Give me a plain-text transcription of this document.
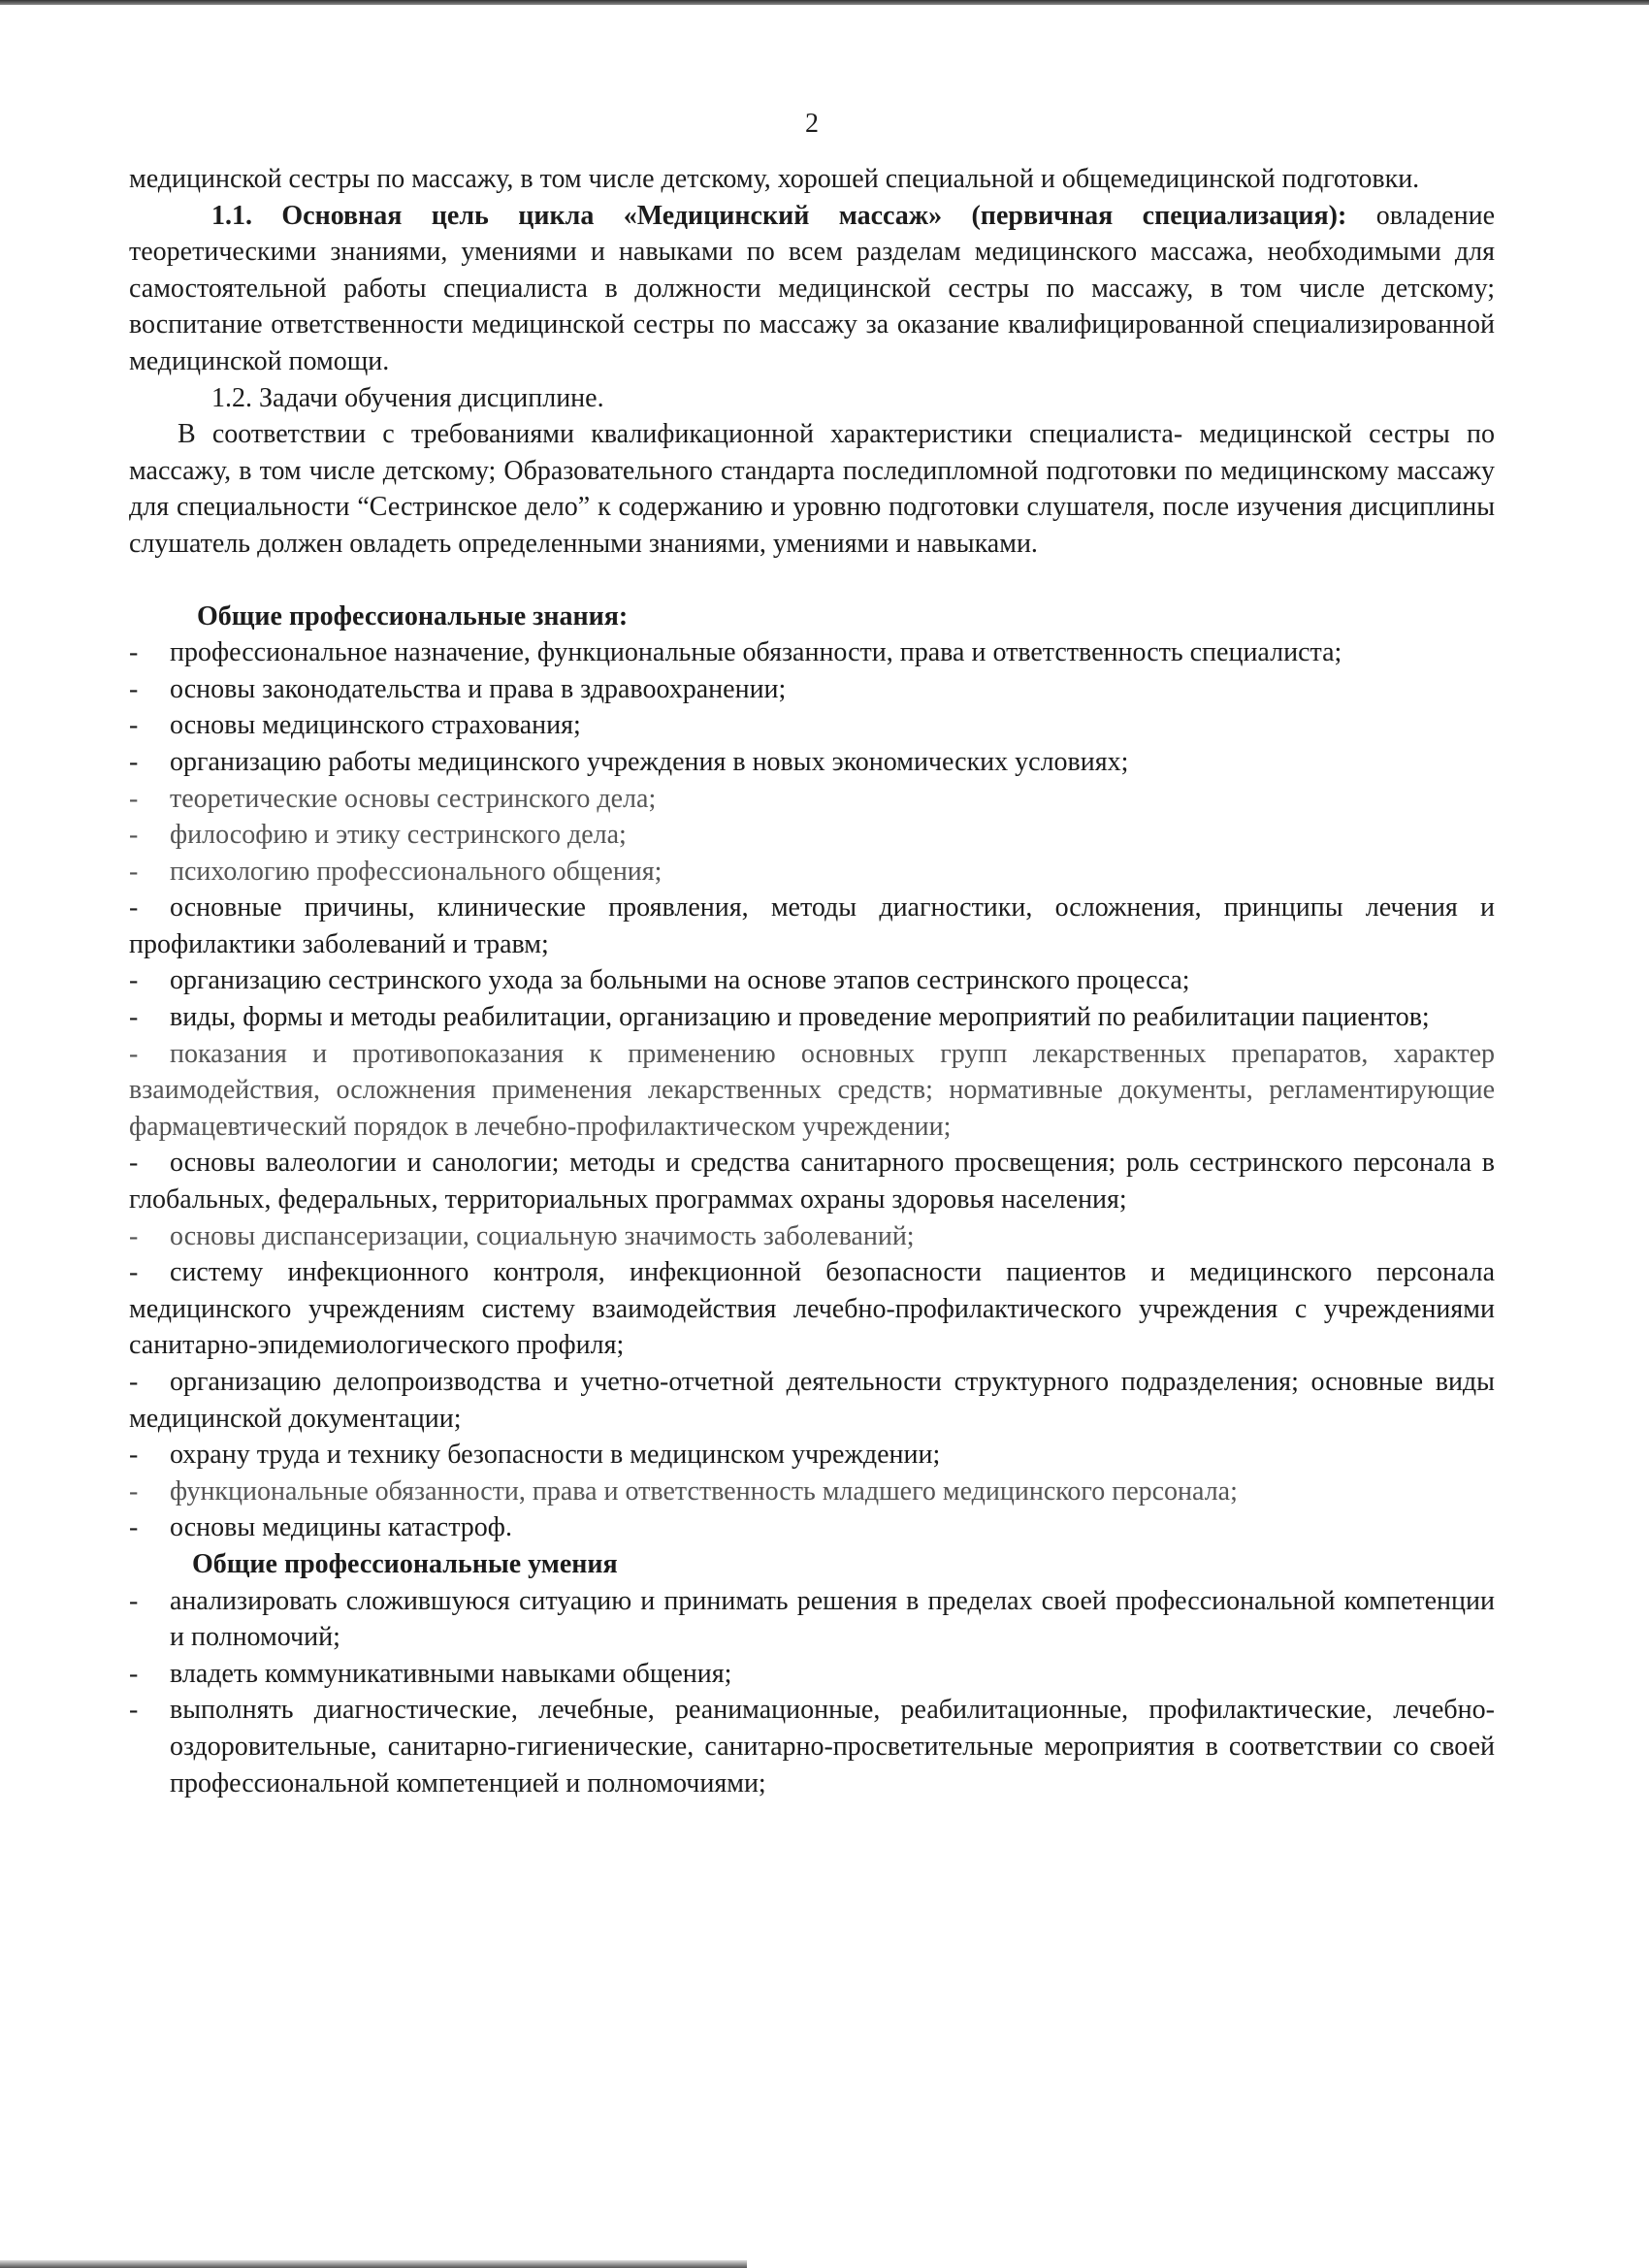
2

медицинской сестры по массажу, в том числе детскому, хорошей специальной и общемедицинской подготовки.

1.1. Основная цель цикла «Медицинский массаж» (первичная специализация): овладение теоретическими знаниями, умениями и навыками по всем разделам медицинского массажа, необходимыми для самостоятельной работы специалиста в должности медицинской сестры по массажу, в том числе детскому; воспитание ответственности медицинской сестры по массажу за оказание квалифицированной специализированной медицинской помощи.

1.2. Задачи обучения дисциплине.

В соответствии с требованиями квалификационной характеристики специалиста- медицинской сестры по массажу, в том числе детскому; Образовательного стандарта последипломной подготовки по медицинскому массажу для специальности “Сестринское дело” к содержанию и уровню подготовки слушателя, после изучения дисциплины слушатель должен овладеть определенными знаниями, умениями и навыками.

Общие профессиональные знания:

- профессиональное назначение, функциональные обязанности, права и ответственность специалиста;
- основы законодательства и права в здравоохранении;
- основы медицинского страхования;
- организацию работы медицинского учреждения в новых экономических условиях;
- теоретические основы сестринского дела;
- философию и этику сестринского дела;
- психологию профессионального общения;
- основные причины, клинические проявления, методы диагностики, осложнения, принципы лечения и профилактики заболеваний и травм;
- организацию сестринского ухода за больными на основе этапов сестринского процесса;
- виды, формы и методы реабилитации, организацию и проведение мероприятий по реабилитации пациентов;
- показания и противопоказания к применению основных групп лекарственных препаратов, характер взаимодействия, осложнения применения лекарственных средств; нормативные документы, регламентирующие фармацевтический порядок в лечебно-профилактическом учреждении;
- основы валеологии и санологии; методы и средства санитарного просвещения; роль сестринского персонала в глобальных, федеральных, территориальных программах охраны здоровья населения;
- основы диспансеризации, социальную значимость заболеваний;
- систему инфекционного контроля, инфекционной безопасности пациентов и медицинского персонала медицинского учреждениям систему взаимодействия лечебно-профилактического учреждения с учреждениями санитарно-эпидемиологического профиля;
- организацию делопроизводства и учетно-отчетной деятельности структурного подразделения; основные виды медицинской документации;
- охрану труда и технику безопасности в медицинском учреждении;
- функциональные обязанности, права и ответственность младшего медицинского персонала;
- основы медицины катастроф.

Общие профессиональные умения

-	анализировать сложившуюся ситуацию и принимать решения в пределах своей профессиональной компетенции и полномочий;
-	владеть коммуникативными навыками общения;
-	выполнять диагностические, лечебные, реанимационные, реабилитационные, профилактические, лечебно-оздоровительные, санитарно-гигиенические, санитарно-просветительные мероприятия в соответствии со своей профессиональной компетенцией и полномочиями;
